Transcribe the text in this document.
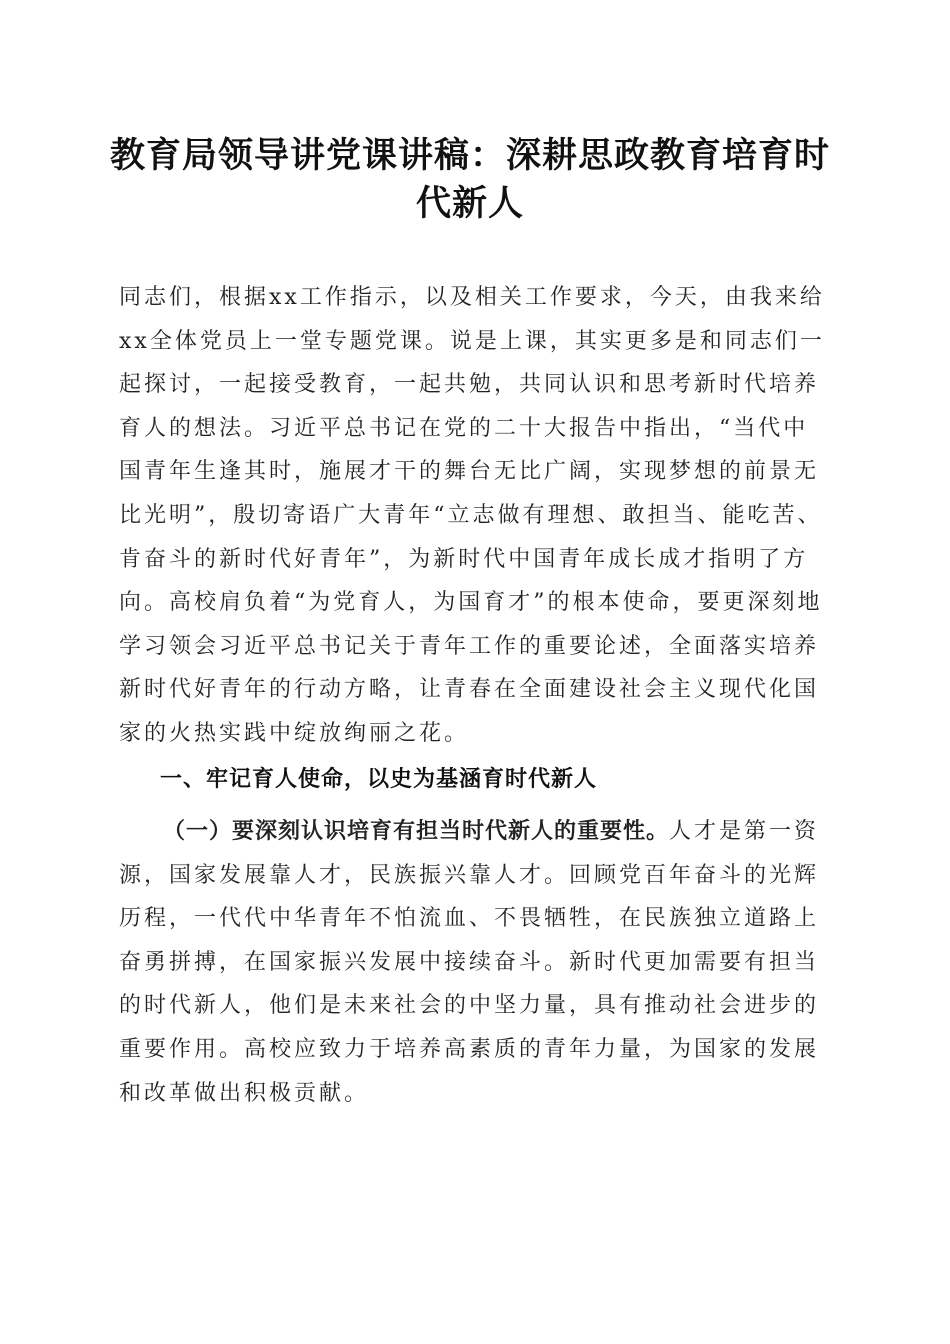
教育局领导讲党课讲稿：深耕思政教育培育时代新人

同志们，根据xx工作指示，以及相关工作要求，今天，由我来给xx全体党员上一堂专题党课。说是上课，其实更多是和同志们一起探讨，一起接受教育，一起共勉，共同认识和思考新时代培养育人的想法。习近平总书记在党的二十大报告中指出，“当代中国青年生逢其时，施展才干的舞台无比广阔，实现梦想的前景无比光明”，殷切寄语广大青年“立志做有理想、敢担当、能吃苦、肯奋斗的新时代好青年”，为新时代中国青年成长成才指明了方向。高校肩负着“为党育人，为国育才”的根本使命，要更深刻地学习领会习近平总书记关于青年工作的重要论述，全面落实培养新时代好青年的行动方略，让青春在全面建设社会主义现代化国家的火热实践中绽放绚丽之花。

一、牢记育人使命，以史为基涵育时代新人

（一）要深刻认识培育有担当时代新人的重要性。人才是第一资源，国家发展靠人才，民族振兴靠人才。回顾党百年奋斗的光辉历程，一代代中华青年不怕流血、不畏牺牲，在民族独立道路上奋勇拼搏，在国家振兴发展中接续奋斗。新时代更加需要有担当的时代新人，他们是未来社会的中坚力量，具有推动社会进步的重要作用。高校应致力于培养高素质的青年力量，为国家的发展和改革做出积极贡献。
